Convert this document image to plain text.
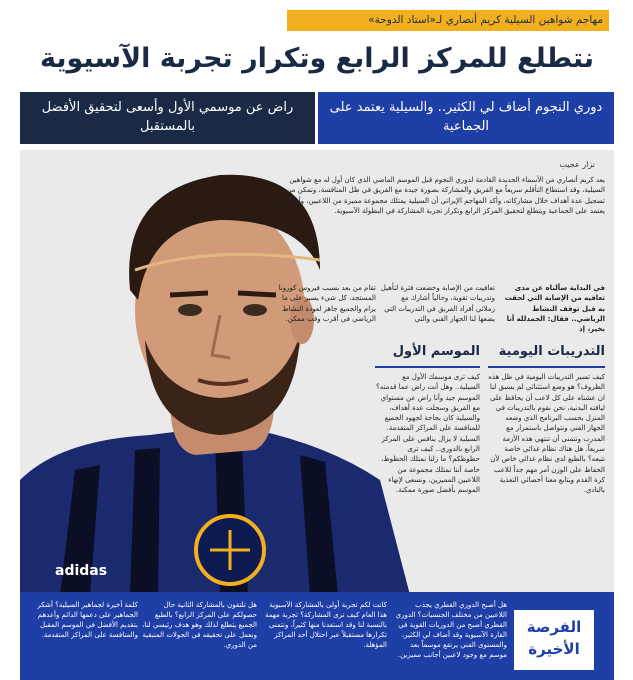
مهاجم شواهين السيلية كريم أنصاري لـ«استاد الدوحة»
نتطلع للمركز الرابع وتكرار تجربة الآسيوية
دوري النجوم أضاف لي الكثير.. والسيلية يعتمد على الجماعية
راض عن موسمي الأول وأسعى لتحقيق الأفضل بالمستقبل
adidas
نزار عجيب
يعد كريم أنصاري من الأسماء الجديدة القادمة لدوري النجوم قبل الموسم الماضي الذي كان أول له مع شواهين السيلية، وقد استطاع التأقلم سريعاً مع الفريق والمشاركة بصورة جيدة مع الفريق في ظل المنافسة، وتمكن من تسجيل عدة أهداف خلال مشاركاته، وأكد المهاجم الإيراني أن السيلية يمتلك مجموعة مميزة من اللاعبين، وأن الفريق يعتمد على الجماعية ويتطلع لتحقيق المركز الرابع وتكرار تجربة المشاركة في البطولة الآسيوية.
في البداية سألناه عن مدى تعافيه من الإصابة التي لحقت به قبل توقف النشاط الرياضي.. فقال: الحمدلله أنا بخير، إذ
تعافيت من الإصابة وخضعت فترة لتأهيل وتدريبات تقوية، وحالياً أشارك مع زملائي أفراد الفريق في التدريبات التي يضعها لنا الجهاز الفني والتي
تقام من بعد بسبب فيروس كورونا المستجد، كل شيء يسير على ما يرام والجميع جاهز لعودة النشاط الرياضي في أقرب وقت ممكن.
التدريبات اليومية
الموسم الأول
كيف تسير التدريبات اليومية في ظل هذه الظروف؟ هو وضع استثنائي لم يسبق لنا ان عشناه على كل لاعب أن يحافظ على لياقته البدنية، نحن نقوم بالتدريبات في المنزل بحسب البرنامج الذي وضعه الجهاز الفني ونتواصل باستمرار مع المدرب ونتمنى أن تنتهي هذه الأزمة سريعاً. هل هناك نظام غذائي خاصة تتبعه؟ بالطبع لدي نظام غذائي خاص لأن الحفاظ على الوزن أمر مهم جداً للاعب كرة القدم ويتابع معنا أخصائي التغذية بالنادي.
كيف ترى موسمك الأول مع السيلية.. وهل أنت راض عما قدمته؟ الموسم جيد وأنا راض عن مستواي مع الفريق وسجلت عدة أهداف، والسيلية كان بحاجة لجهود الجميع للمنافسة على المراكز المتقدمة. السيلية لا يزال ينافس على المركز الرابع بالدوري.. كيف ترى حظوظكم؟ ما زلنا نمتلك الحظوظ، خاصة أننا نمتلك مجموعة من اللاعبين المميزين، ونسعى لإنهاء الموسم بأفضل صورة ممكنة.
الفرصة الأخيرة
هل أصبح الدوري القطري يجذب اللاعبين من مختلف الجنسيات؟ الدوري القطري أصبح من الدوريات القوية في القارة الآسيوية وقد أضاف لي الكثير، والمستوى الفني يرتفع موسماً بعد موسم مع وجود لاعبين أجانب مميزين.
كانت لكم تجربة أولى بالمشاركة الآسيوية هذا العام كيف ترى المشاركة؟ تجربة مهمة بالنسبة لنا وقد استفدنا منها كثيراً، ونتمنى تكرارها مستقبلاً عبر احتلال أحد المراكز المؤهلة.
هل تلتقون بالمشاركة الثانية حال حصولكم على المركز الرابع؟ بالطبع الجميع يتطلع لذلك وهو هدف رئيسي لنا، ونعمل على تحقيقه في الجولات المتبقية من الدوري.
كلمة أخيرة لجماهير السيلية؟ أشكر الجماهير على دعمها الدائم وأعدهم بتقديم الأفضل في الموسم المقبل والمنافسة على المراكز المتقدمة.
